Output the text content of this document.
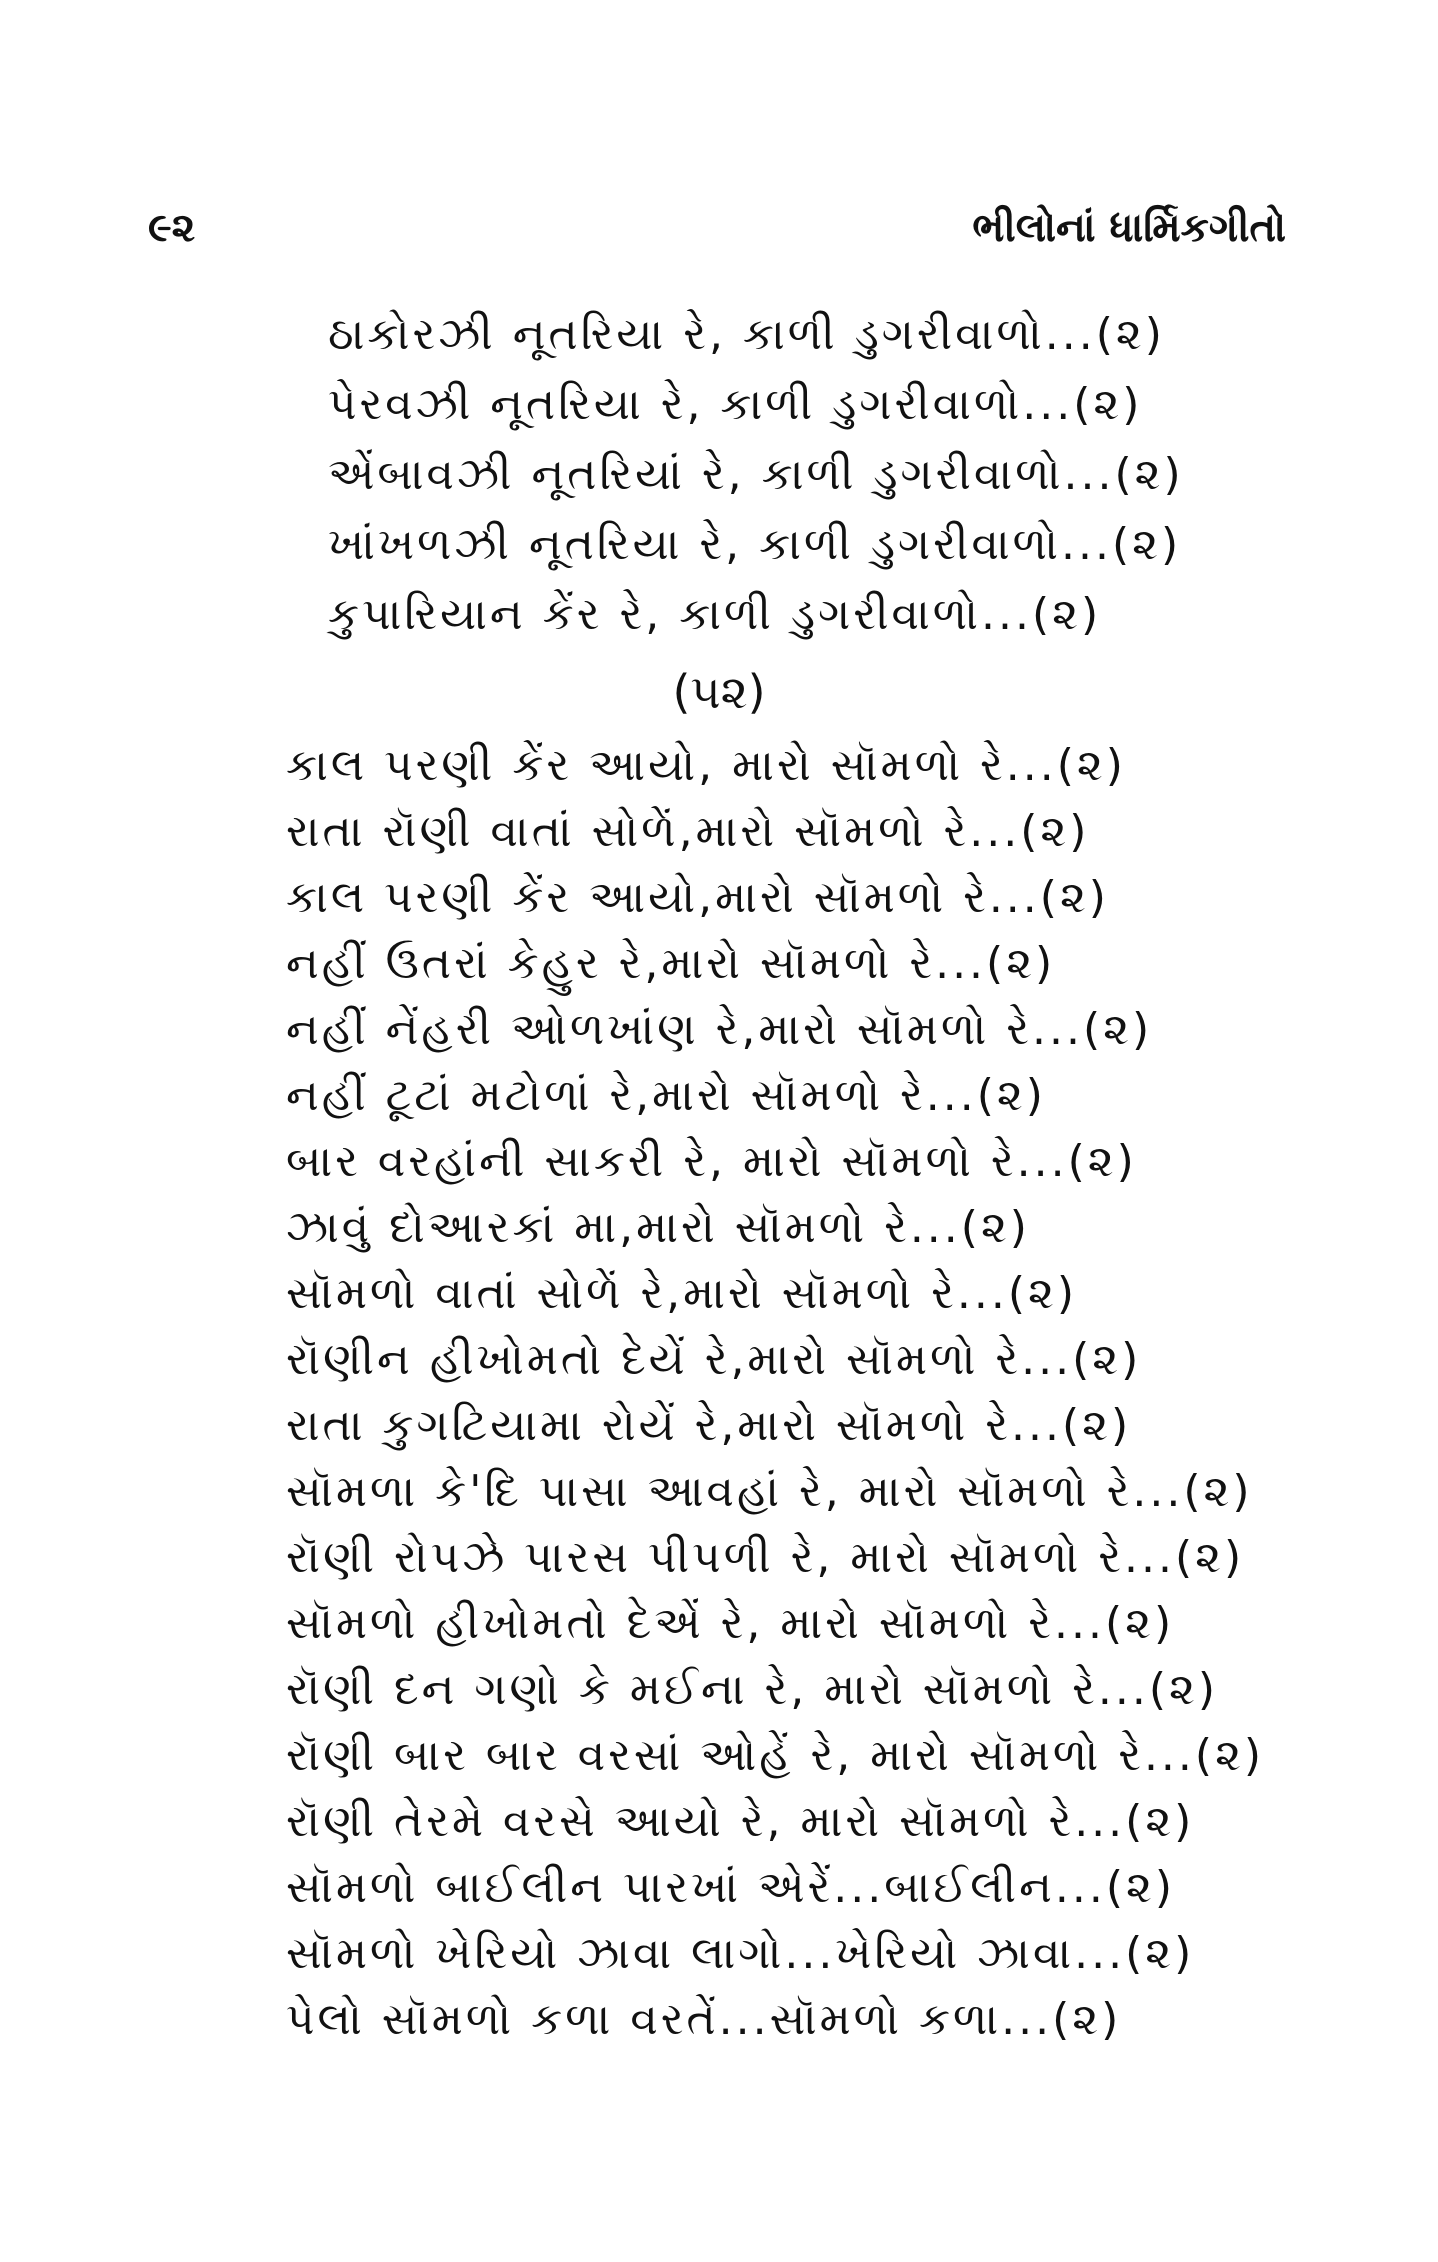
૯૨	ભીલોનાં ધાર્મિકગીતો
ઠાકોરઝી નૂતરિયા રે, કાળી ડુગરીવાળો...(૨)
પેરવઝી નૂતરિયા રે, કાળી ડુગરીવાળો...(૨)
એંબાવઝી નૂતરિયાં રે, કાળી ડુગરીવાળો...(૨)
ખાંખળઝી નૂતરિયા રે, કાળી ડુગરીવાળો...(૨)
કુપારિયાન કેંર રે, કાળી ડુગરીવાળો...(૨)
(૫૨)
કાલ પરણી કેંર આયો, મારો સૉમળો રે...(૨)
રાતા રૉણી વાતાં સોળેં,મારો સૉમળો રે...(૨)
કાલ પરણી કેંર આયો,મારો સૉમળો રે...(૨)
નહીં ઉતરાં કેહુર રે,મારો સૉમળો રે...(૨)
નહીં નેંહરી ઓળખાંણ રે,મારો સૉમળો રે...(૨)
નહીં ટૂટાં મટોળાં રે,મારો સૉમળો રે...(૨)
બાર વરહાંની સાકરી રે, મારો સૉમળો રે...(૨)
ઝાવું દોઆરકાં મા,મારો સૉમળો રે...(૨)
સૉમળો વાતાં સોળેં રે,મારો સૉમળો રે...(૨)
રૉણીન હીખોમતો દેયેં રે,મારો સૉમળો રે...(૨)
રાતા કુગટિયામા રોયેં રે,મારો સૉમળો રે...(૨)
સૉમળા કે'દિ પાસા આવહાં રે, મારો સૉમળો રે...(૨)
રૉણી રોપઝે પારસ પીપળી રે, મારો સૉમળો રે...(૨)
સૉમળો હીખોમતો દેએં રે, મારો સૉમળો રે...(૨)
રૉણી દન ગણો કે મઈના રે, મારો સૉમળો રે...(૨)
રૉણી બાર બાર વરસાં ઓહેં રે, મારો સૉમળો રે...(૨)
રૉણી તેરમે વરસે આયો રે, મારો સૉમળો રે...(૨)
સૉમળો બાઈલીન પારખાં એરેં...બાઈલીન...(૨)
સૉમળો ખેરિયો ઝાવા લાગો...ખેરિયો ઝાવા...(૨)
પેલો સૉમળો કળા વરતેં...સૉમળો કળા...(૨)
